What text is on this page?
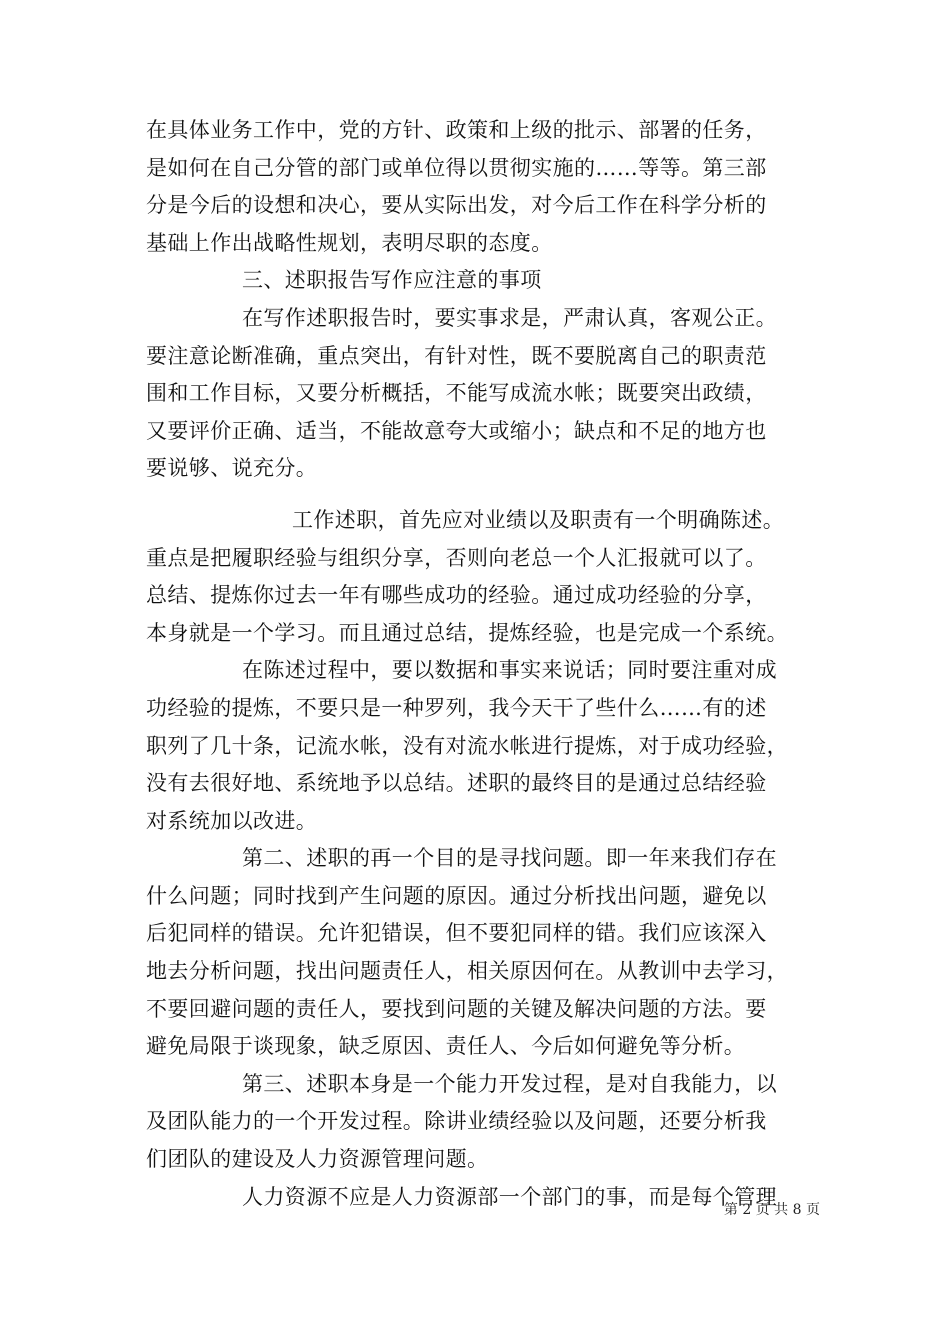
在具体业务工作中，党的方针、政策和上级的批示、部署的任务，
是如何在自己分管的部门或单位得以贯彻实施的……等等。第三部
分是今后的设想和决心，要从实际出发，对今后工作在科学分析的
基础上作出战略性规划，表明尽职的态度。
三、述职报告写作应注意的事项
在写作述职报告时，要实事求是，严肃认真，客观公正。
要注意论断准确，重点突出，有针对性，既不要脱离自己的职责范
围和工作目标，又要分析概括，不能写成流水帐；既要突出政绩，
又要评价正确、适当，不能故意夸大或缩小；缺点和不足的地方也
要说够、说充分。
工作述职，首先应对业绩以及职责有一个明确陈述。
重点是把履职经验与组织分享，否则向老总一个人汇报就可以了。
总结、提炼你过去一年有哪些成功的经验。通过成功经验的分享，
本身就是一个学习。而且通过总结，提炼经验，也是完成一个系统。
在陈述过程中，要以数据和事实来说话；同时要注重对成
功经验的提炼，不要只是一种罗列，我今天干了些什么……有的述
职列了几十条，记流水帐，没有对流水帐进行提炼，对于成功经验，
没有去很好地、系统地予以总结。述职的最终目的是通过总结经验
对系统加以改进。
第二、述职的再一个目的是寻找问题。即一年来我们存在
什么问题；同时找到产生问题的原因。通过分析找出问题，避免以
后犯同样的错误。允许犯错误，但不要犯同样的错。我们应该深入
地去分析问题，找出问题责任人，相关原因何在。从教训中去学习，
不要回避问题的责任人，要找到问题的关键及解决问题的方法。要
避免局限于谈现象，缺乏原因、责任人、今后如何避免等分析。
第三、述职本身是一个能力开发过程，是对自我能力，以
及团队能力的一个开发过程。除讲业绩经验以及问题，还要分析我
们团队的建设及人力资源管理问题。
人力资源不应是人力资源部一个部门的事，而是每个管理
第 2 页 共 8 页
